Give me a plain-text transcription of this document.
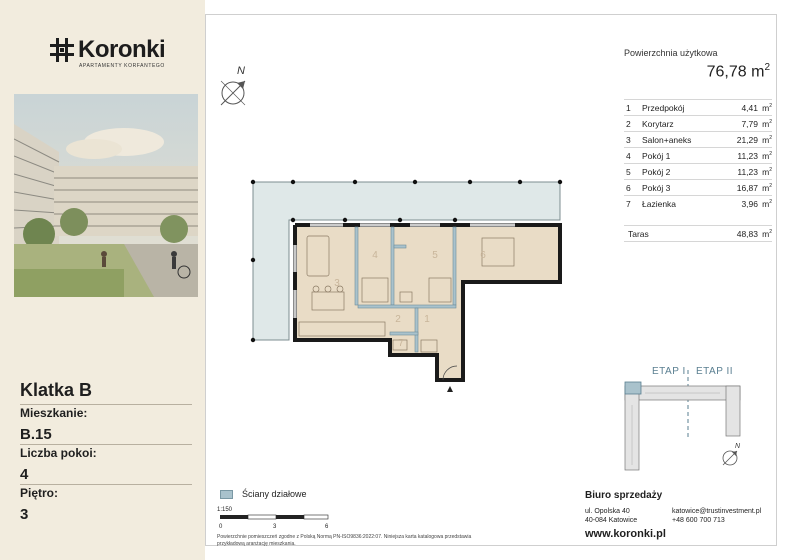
Koronki
APARTAMENTY KORFANTEGO
Klatka B
Mieszkanie:
B.15
Liczba pokoi:
4
Piętro:
3
Powierzchnia użytkowa
76,78 $m^2$
1	Przedpokój	4,41	$m^2$
2	Korytarz	7,79	$m^2$
3	Salon+aneks	21,29	$m^2$
4	Pokój 1	11,23	$m^2$
5	Pokój 2	11,23	$m^2$
6	Pokój 3	16,87	$m^2$
7	Łazienka	3,96	$m^2$
Taras	48,83	$m^2$
N
1
2
3
4	5	6
7
ETAP I ETAP II
N
Ściany działowe
1:150
0	3	6
Powierzchnie pomieszczeń zgodne z Polską Normą PN-ISO9836:2022:07. Niniejsza karta katalogowa przedstawia przykładową aranżację mieszkania.
Biuro sprzedaży
ul. Opolska 40
40-084 Katowice
katowice@trustinvestment.pl
+48 600 700 713
www.koronki.pl
